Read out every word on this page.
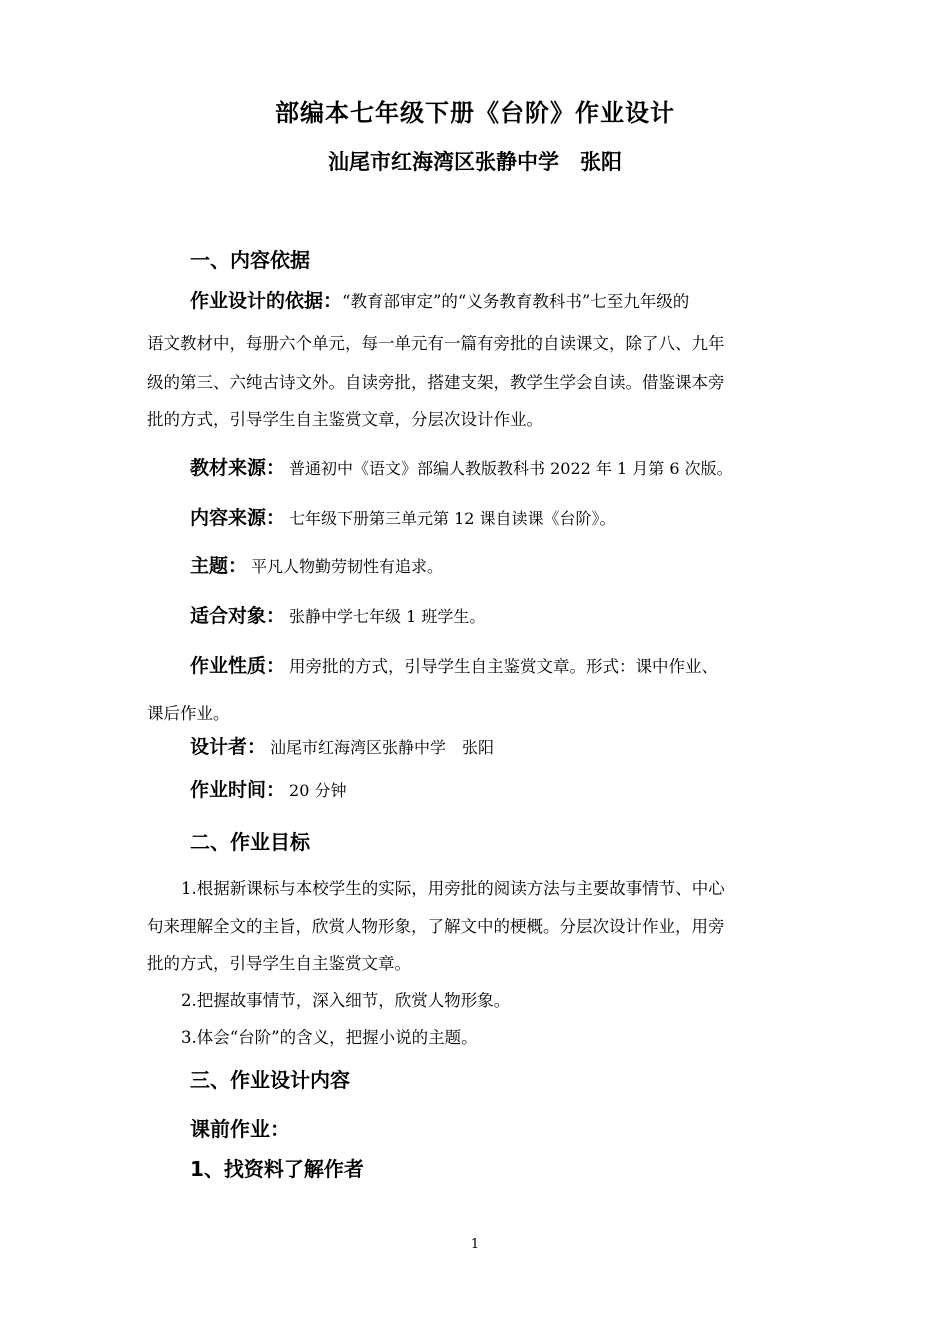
部编本七年级下册《台阶》作业设计
汕尾市红海湾区张静中学　张阳
一、内容依据
作业设计的依据：“教育部审定”的“义务教育教科书”七至九年级的
语文教材中，每册六个单元，每一单元有一篇有旁批的自读课文，除了八、九年
级的第三、六纯古诗文外。自读旁批，搭建支架，教学生学会自读。借鉴课本旁
批的方式，引导学生自主鉴赏文章，分层次设计作业。
教材来源： 普通初中《语文》部编人教版教科书 2022 年 1 月第 6 次版。
内容来源： 七年级下册第三单元第 12 课自读课《台阶》。
主题： 平凡人物勤劳韧性有追求。
适合对象： 张静中学七年级 1 班学生。
作业性质： 用旁批的方式，引导学生自主鉴赏文章。形式：课中作业、
课后作业。
设计者： 汕尾市红海湾区张静中学　张阳
作业时间： 20 分钟
二、作业目标
1.根据新课标与本校学生的实际，用旁批的阅读方法与主要故事情节、中心
句来理解全文的主旨，欣赏人物形象，了解文中的梗概。分层次设计作业，用旁
批的方式，引导学生自主鉴赏文章。
2.把握故事情节，深入细节，欣赏人物形象。
3.体会“台阶”的含义，把握小说的主题。
三、作业设计内容
课前作业：
1、找资料了解作者
1
